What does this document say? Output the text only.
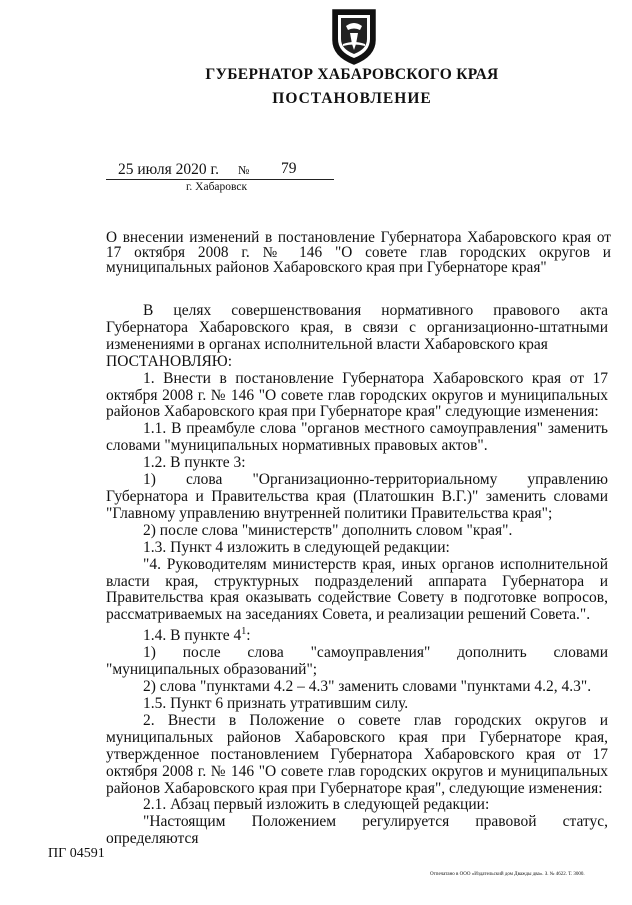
ГУБЕРНАТОР ХАБАРОВСКОГО КРАЯ
ПОСТАНОВЛЕНИЕ
25 июля 2020 г. № 79
г. Хабаровск
О внесении изменений в постановление Губернатора Хабаровского края от 17 октября 2008 г. № 146 "О совете глав городских округов и муниципальных районов Хабаровского края при Губернаторе края"

В целях совершенствования нормативного правового акта Губернатора Хабаровского края, в связи с организационно-штатными изменениями в органах исполнительной власти Хабаровского края

ПОСТАНОВЛЯЮ:

1. Внести в постановление Губернатора Хабаровского края от 17 октября 2008 г. № 146 "О совете глав городских округов и муниципальных районов Хабаровского края при Губернаторе края" следующие изменения:

1.1. В преамбуле слова "органов местного самоуправления" заменить словами "муниципальных нормативных правовых актов".

1.2. В пункте 3:

1) слова "Организационно-территориальному управлению Губернатора и Правительства края (Платошкин В.Г.)" заменить словами "Главному управлению внутренней политики Правительства края";

2) после слова "министерств" дополнить словом "края".

1.3. Пункт 4 изложить в следующей редакции:

"4. Руководителям министерств края, иных органов исполнительной власти края, структурных подразделений аппарата Губернатора и Правительства края оказывать содействие Совету в подготовке вопросов, рассматриваемых на заседаниях Совета, и реализации решений Совета.".

1.4. В пункте $4^1$:

1) после слова "самоуправления" дополнить словами "муниципальных образований";

2) слова "пунктами 4.2 – 4.3" заменить словами "пунктами 4.2, 4.3".

1.5. Пункт 6 признать утратившим силу.

2. Внести в Положение о совете глав городских округов и муниципальных районов Хабаровского края при Губернаторе края, утвержденное постановлением Губернатора Хабаровского края от 17 октября 2008 г. № 146 "О совете глав городских округов и муниципальных районов Хабаровского края при Губернаторе края", следующие изменения:

2.1. Абзац первый изложить в следующей редакции:

"Настоящим Положением регулируется правовой статус, определяются

ПГ 04591
Отпечатано в ООО «Издательский дом Дважды два». З. № 4622. Т. 3000.
